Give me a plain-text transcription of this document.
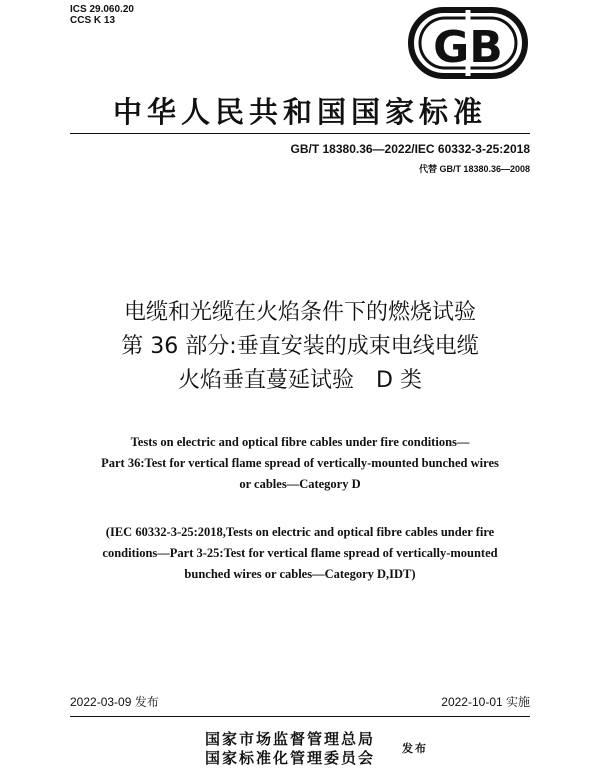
ICS 29.060.20
CCS K 13
GB
中华人民共和国国家标准
GB/T 18380.36—2022/IEC 60332-3-25:2018
代替 GB/T 18380.36—2008
电缆和光缆在火焰条件下的燃烧试验
第 36 部分:垂直安装的成束电线电缆
火焰垂直蔓延试验　D 类
Tests on electric and optical fibre cables under fire conditions—
Part 36:Test for vertical flame spread of vertically-mounted bunched wires
or cables—Category D
(IEC 60332-3-25:2018,Tests on electric and optical fibre cables under fire
conditions—Part 3-25:Test for vertical flame spread of vertically-mounted
bunched wires or cables—Category D,IDT)
2022-03-09 发布	2022-10-01 实施
国家市场监督管理总局
国家标准化管理委员会
发布
